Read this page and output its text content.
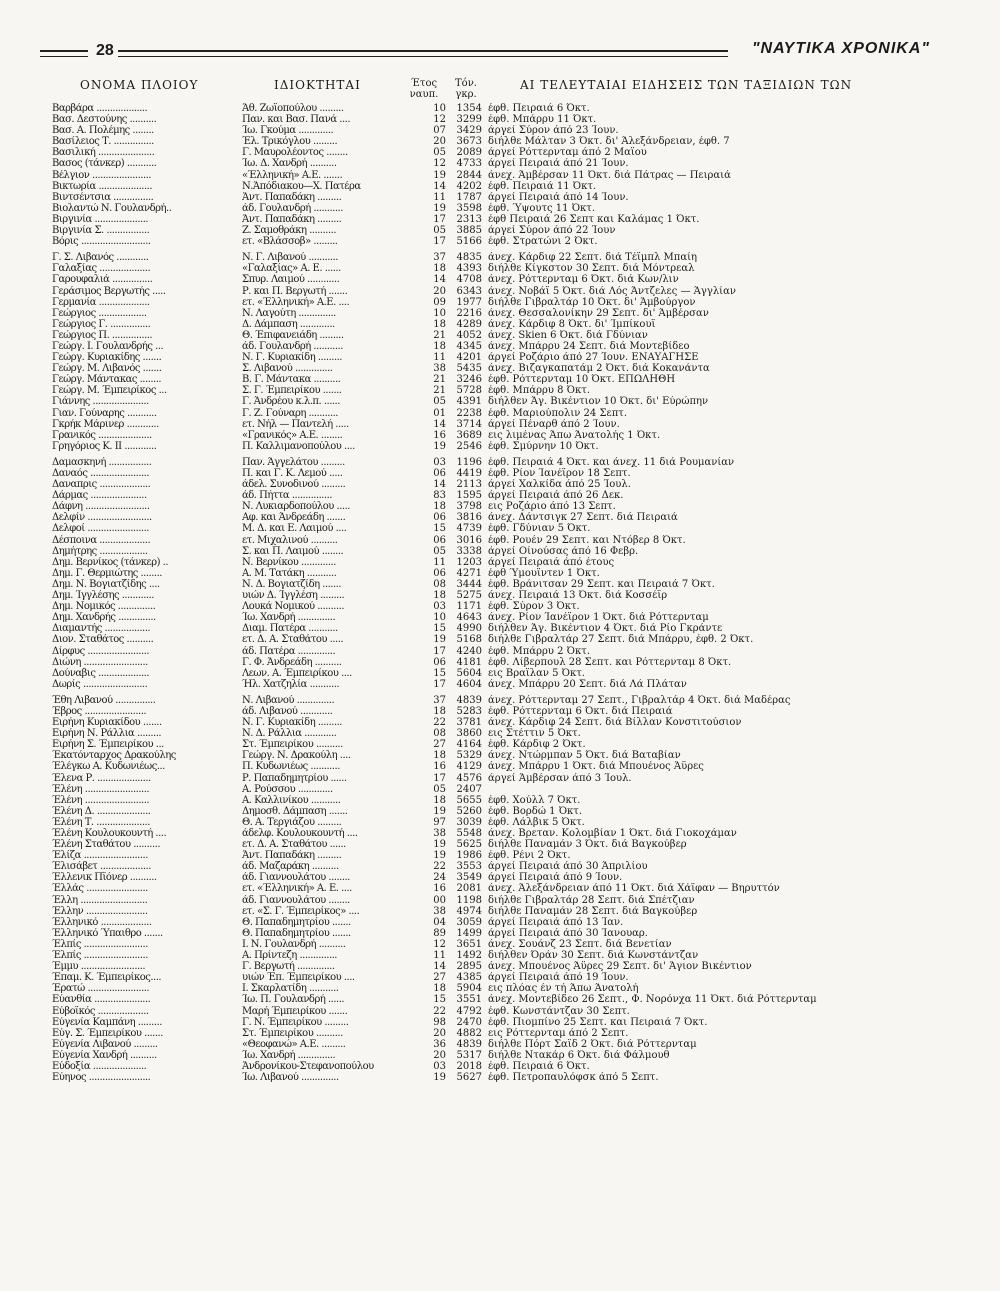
28	"ΝΑΥΤΙΚΑ ΧΡΟΝΙΚΑ"
ΟΝΟΜΑ ΠΛΟΙΟΥ	ΙΔΙΟΚΤΗΤΑΙ	Έτος ναυπ.
Τόν. γκρ.
ΑΙ ΤΕΛΕΥΤΑΙΑΙ ΕΙΔΗΣΕΙΣ ΤΩΝ ΤΑΞΙΔΙΩΝ ΤΩΝ
Βαρβάρα ...................	Άθ. Ζωΐοπούλου .........	10	1354 έφθ. Πειραιά 6 Όκτ.
Βασ. Δεστούνης ..........	Παν. και Βασ. Πανά ....	12	3299 έφθ. Μπάρρυ 11 Όκτ.
Βασ. Α. Πολέμης ........	Ίω. Γκούμα .............	07	3429 άργεί Σύρον άπό 23 Ίουν.
Βασίλειος Τ. ...............	Έλ. Τρικόγλου .........	20	3673 διήλθε Μάλταν 3 Όκτ. δι' Άλεξάνδρειαν, έφθ. 7
Βασιλική .....................	Γ. Μαυρολέοντος ........	05	2089 άργεί Ρόττερνταμ άπό 2 Μαΐου
Βασος (τάνκερ) ...........	Ίω. Δ. Χανδρή ..........	12	4733 άργεί Πειραιά άπό 21 Ίουν.
Βέλγιον ......................	«Έλληνική» Α.Ε. .......	19	2844 άνεχ. Άμβέρσαν 11 Όκτ. διά Πάτρας — Πειραιά
Βικτωρία ....................	Ν.Άπόδιακου—Χ. Πατέρα	14	4202 έφθ. Πειραιά 11 Όκτ.
Βιντσέντσια ...............	Άντ. Παπαδάκη .........	11	1787 άργεί Πειραιά άπό 14 Ίουν.
Βιολαντώ Ν. Γουλανδρή..	άδ. Γουλανδρή ...........	19	3598 έφθ. Ύψουτς 11 Όκτ.
Βιργινία ....................	Άντ. Παπαδάκη .........	17	2313 έφθ Πειραιά 26 Σεπτ και Καλάμας 1 Όκτ.
Βιργινία Σ. ................	Ζ. Σαμοθράκη ..........	05	3885 άργεί Σύρον άπό 22 Ίουν
Βόρις ..........................	ετ. «Βλάσσοβ» .........	17	5166 έφθ. Στρατώνι 2 Όκτ.
Γ. Σ. Λιβανός ............	Ν. Γ. Λιβανού ...........	37	4835 άνεχ. Κάρδιφ 22 Σεπτ. διά Τέϊμπλ Μπαίη
Γαλαξίας ...................	«Γαλαξίας» Α. Ε. ......	18	4393 διήλθε Κίγκστον 30 Σεπτ. διά Μόντρεαλ
Γαρουφαλιά ...............	Σπυρ. Λαιμού ............	14	4708 άνεχ. Ρόττερνταμ 6 Όκτ. διά Κων/λιν
Γεράσιμος Βεργωτής .....	Ρ. και Π. Βεργωτή .......	20	6343 άνεχ. Νοβάϊ 5 Όκτ. διά Λός Άντζελες — Άγγλίαν
Γερμανία ...................	ετ. «Έλληνική» Α.Ε. ....	09	1977 διήλθε Γιβραλτάρ 10 Όκτ. δι' Άμβούργον
Γεώργιος ..................	Ν. Λαγούτη ..............	10	2216 άνεχ. Θεσσαλονίκην 29 Σεπτ. δι' Άμβέρσαν
Γεώργιος Γ. ...............	Δ. Δάμπαση .............	18	4289 άνεχ. Κάρδιφ 8 Όκτ. δι' Ίμπίκουϊ
Γεώργιος Π. ...............	Θ. Έπιφανειάδη .........	21	4052 άνεχ. Skien 6 Όκτ. διά Γδύνιαν
Γεώργ. Ι. Γουλανδρής ...	άδ. Γουλανδρή ...........	18	4345 άνεχ. Μπάρρυ 24 Σεπτ. διά Μοντεβίδεο
Γεώργ. Κυριακίδης .......	Ν. Γ. Κυριακίδη .........	11	4201 άργεί Ροζάριο άπό 27 Ίουν. ΕΝΑΥΑΓΗΣΕ
Γεώργ. Μ. Λιβανός .......	Σ. Λιβανού ..............	38	5435 άνεχ. Βιζαγκαπατάμ 2 Όκτ. διά Κοκανάντα
Γεώργ. Μάντακας ........	Β. Γ. Μάντακα ..........	21	3246 έφθ. Ρόττερνταμ 10 Όκτ. ΕΠΩΛΗΘΗ
Γεώργ. Μ. Έμπειρίκος ...	Σ. Γ. Έμπειρίκου .......	21	5728 έφθ. Μπάρρυ 8 Όκτ.
Γιάννης .....................	Γ. Άνδρέου κ.λ.π. ......	05	4391 διήλθεν Άγ. Βικέντιον 10 Όκτ. δι' Εύρώπην
Γιαν. Γούναρης ...........	Γ. Ζ. Γούναρη ...........	01	2238 έφθ. Μαριούπολιν 24 Σεπτ.
Γκρήκ Μάρινερ ............	ετ. Νήλ — Παντελή .....	14	3714 άργεί Πέναρθ άπό 2 Ίουν.
Γρανικός ....................	«Γρανικός» Α.Ε. ........	16	3689 εις λιμένας Άπω Άνατολής 1 Όκτ.
Γρηγόριος Κ. ΙΙ ............	Π. Καλλιμανοπούλου ....	19	2546 έφθ. Σμύρνην 10 Όκτ.
Δαμασκηνή ................	Παν. Άγγελάτου .........	03	1196 έφθ. Πειραιά 4 Όκτ. και άνεχ. 11 διά Ρουμανίαν
Δαναός ......................	Π. και Γ. Κ. Λεμού .....	06	4419 έφθ. Ρίον Ίανέϊρον 18 Σεπτ.
Δαναπρις ...................	άδελ. Συνοδινού .........	14	2113 άργεί Χαλκίδα άπό 25 Ίουλ.
Δάρμας .....................	άδ. Πήττα ...............	83	1595 άργεί Πειραιά άπό 26 Δεκ.
Δάφνη ........................	Ν. Λυκιαρδοπούλου .....	18	3798 εις Ροζάριο άπό 13 Σεπτ.
Δελφίν ........................	Αφ. και Άνδρεάδη .......	06	3816 άνεχ. Δάντσιγκ 27 Σεπτ. διά Πειραιά
Δελφοί .......................	Μ. Δ. και Ε. Λαιμού ....	15	4739 έφθ. Γδύνιαν 5 Όκτ.
Δέσποινα ...................	ετ. Μιχαλινού ..........	06	3016 έφθ. Ρουέν 29 Σεπτ. και Ντόβερ 8 Όκτ.
Δημήτρης ..................	Σ. και Π. Λαιμού ........	05	3338 άργεί Οίνούσας άπό 16 Φεβρ.
Δημ. Βερνίκος (τάνκερ) ..	Ν. Βερνίκου .............	11	1203 άργεί Πειραιά άπό έτους
Δημ. Γ. Θερμιώτης ........	Α. Μ. Τατάκη ...........	06	4271 έφθ Ύμουΐντεν 1 Όκτ.
Δημ. Ν. Βογιατζίδης ....	Ν. Δ. Βογιατζίδη .......	08	3444 έφθ. Βράνιτσαν 29 Σεπτ. και Πειραιά 7 Όκτ.
Δημ. Ίγγλέσης ............	υιών Δ. Ίγγλέση .........	18	5275 άνεχ. Πειραιά 13 Όκτ. διά Κοσσέϊρ
Δημ. Νομικός ..............	Λουκά Νομικού ..........	03	1171 έφθ. Σύρον 3 Όκτ.
Δημ. Χανδρής ..............	Ίω. Χανδρή ..............	10	4643 άνεχ. Ρίον Ίανέϊρον 1 Όκτ. διά Ρόττερνταμ
Διαμαντής .................	Διαμ. Πατέρα ...........	15	4990 διήλθεν Άγ. Βικέντιον 4 Όκτ. διά Ρίο Γκράντε
Διον. Σταθάτος ..........	ετ. Δ. Α. Σταθάτου .....	19	5168 διήλθε Γιβραλτάρ 27 Σεπτ. διά Μπάρρυ, έφθ. 2 Όκτ.
Δίρφυς .......................	άδ. Πατέρα ..............	17	4240 έφθ. Μπάρρυ 2 Όκτ.
Διώνη ........................	Γ. Φ. Άνδρεάδη ..........	06	4181 έφθ. Λίβερπουλ 28 Σεπτ. και Ρόττερνταμ 8 Όκτ.
Δούναβις ...................	Λεων. Α. Έμπειρίκου ....	15	5604 εις Βραΐλαν 5 Όκτ.
Δωρίς ........................	Ήλ. Χατζηλία ...........	17	4604 άνεχ. Μπάρρυ 20 Σεπτ. διά Λά Πλάταν
Έθη Λιβανού ...............	Ν. Λιβανού ..............	37	4839 άνεχ. Ρόττερνταμ 27 Σεπτ., Γιβραλτάρ 4 Όκτ. διά Μαδέρας
Έβρος .......................	άδ. Λιβανού ............	18	5283 έφθ. Ρόττερνταμ 6 Όκτ. διά Πειραιά
Ειρήνη Κυριακίδου .......	Ν. Γ. Κυριακίδη .........	22	3781 άνεχ. Κάρδιφ 24 Σεπτ. διά Βίλλαν Κονστιτούσιον
Ειρήνη Ν. Ράλλια .........	Ν. Δ. Ράλλια ............	08	3860 εις Στέττιν 5 Όκτ.
Ειρήνη Σ. Έμπειρίκου ...	Στ. Έμπειρίκου ..........	27	4164 έφθ. Κάρδιφ 2 Όκτ.
Έκατόνταρχος Δρακούλης	Γεώργ. Ν. Δρακούλη ....	18	5329 άνεχ. Ντώρμπαν 5 Όκτ. διά Βαταβίαν
Έλέγκω Α. Κυδωνιέως...	Π. Κυδωνιέως ...........	16	4129 άνεχ. Μπάρρυ 1 Όκτ. διά Μπουένος Άϋρες
Έλενα Ρ. ....................	Ρ. Παπαδημητρίου ......	17	4576 άργεί Άμβέρσαν άπό 3 Ίουλ.
Έλένη ........................	Α. Ρούσσου .............	05	2407
Έλένη ........................	Α. Καλλινίκου ...........	18	5655 έφθ. Χούλλ 7 Όκτ.
Έλένη Δ. ....................	Δημοσθ. Δάμπαση .......	19	5260 έφθ. Βορδώ 1 Όκτ.
Έλένη Τ. ....................	Θ. Α. Τεργιάζου .........	97	3039 έφθ. Λάλβικ 5 Όκτ.
Έλένη Κουλουκουντή ....	άδελφ. Κουλουκουντή ....	38	5548 άνεχ. Βρεταν. Κολομβίαν 1 Όκτ. διά Γιοκοχάμαν
Έλένη Σταθάτου ..........	ετ. Δ. Α. Σταθάτου ......	19	5625 διήλθε Παναμάν 3 Όκτ. διά Βαγκούβερ
Έλίζα ........................	Άντ. Παπαδάκη .........	19	1986 έφθ. Ρένι 2 Όκτ.
Έλισάβετ ...................	άδ. Μαζαράκη ..........	22	3553 άργεί Πειραιά άπό 30 Άπριλίου
Έλλενικ Πϊόνερ ..........	άδ. Γιαννουλάτου ........	24	3549 άργεί Πειραιά άπό 9 Ίουν.
Έλλάς .......................	ετ. «Έλληνική» Α. Ε. ....	16	2081 άνεχ. Άλεξάνδρειαν άπό 11 Όκτ. διά Χάϊφαν — Βηρυττόν
Έλλη .........................	άδ. Γιαννουλάτου ........	00	1198 διήλθε Γιβραλτάρ 28 Σεπτ. διά Σπέτζιαν
Έλλην .......................	ετ. «Σ. Γ. Έμπειρίκος» ....	38	4974 διήλθε Παναμάν 28 Σεπτ. διά Βαγκούβερ
Έλληνικό ...................	Θ. Παπαδημητρίου .......	04	3059 άργεί Πειραιά άπό 13 Ίαν.
Έλληνικό Ύπαιθρο .......	Θ. Παπαδημητρίου .......	89	1499 άργεί Πειραιά άπό 30 Ίανουαρ.
Έλπίς ........................	Ι. Ν. Γουλανδρή ..........	12	3651 άνεχ. Σουάνζ 23 Σεπτ. διά Βενετίαν
Έλπίς ........................	Α. Πρίντεζη ..............	11	1492 διήλθεν Όράν 30 Σεπτ. διά Κωνστάντζαν
Έμμυ ........................	Γ. Βεργωτή ..............	14	2895 άνεχ. Μπουένος Άϋρες 29 Σεπτ. δι' Άγιον Βικέντιον
Έπαμ. Κ. Έμπειρίκος....	υιών Έπ. Έμπειρίκου ....	27	4385 άργεί Πειραιά άπό 19 Ίουν.
Έρατώ .......................	Ι. Σκαρλατίδη ...........	18	5904 εις πλόας έν τή Άπω Άνατολή
Εύανθία .....................	Ίω. Π. Γουλανδρή ......	15	3551 άνεχ. Μοντεβίδεο 26 Σεπτ., Φ. Νορόνχα 11 Όκτ. διά Ρόττερνταμ
Εύβοϊκός ...................	Μαρή Έμπειρίκου .......	22	4792 έφθ. Κωνστάντζαν 30 Σεπτ.
Εύγενία Καμπάνη .........	Γ. Ν. Έμπειρίκου .........	98	2470 έφθ. Πιομπίνο 25 Σεπτ. και Πειραιά 7 Όκτ.
Εύγ. Σ. Έμπειρίκου .......	Στ. Έμπειρίκου ..........	20	4882 εις Ρόττερνταμ άπό 2 Σεπτ.
Εύγενία Λιβανού .........	«Θεοφανώ» Α.Ε. .........	36	4839 διήλθε Πόρτ Σαΐδ 2 Όκτ. διά Ρόττερνταμ
Εύγενία Χανδρή ..........	Ίω. Χανδρή ..............	20	5317 διήλθε Ντακάρ 6 Όκτ. διά Φάλμουθ
Εύδοξία ....................	Άνδρονίκου-Στεφανοπούλου	03	2018 έφθ. Πειραιά 6 Όκτ.
Εύηνος .......................	Ίω. Λιβανού ..............	19	5627 έφθ. Πετροπαυλόφσκ άπό 5 Σεπτ.
